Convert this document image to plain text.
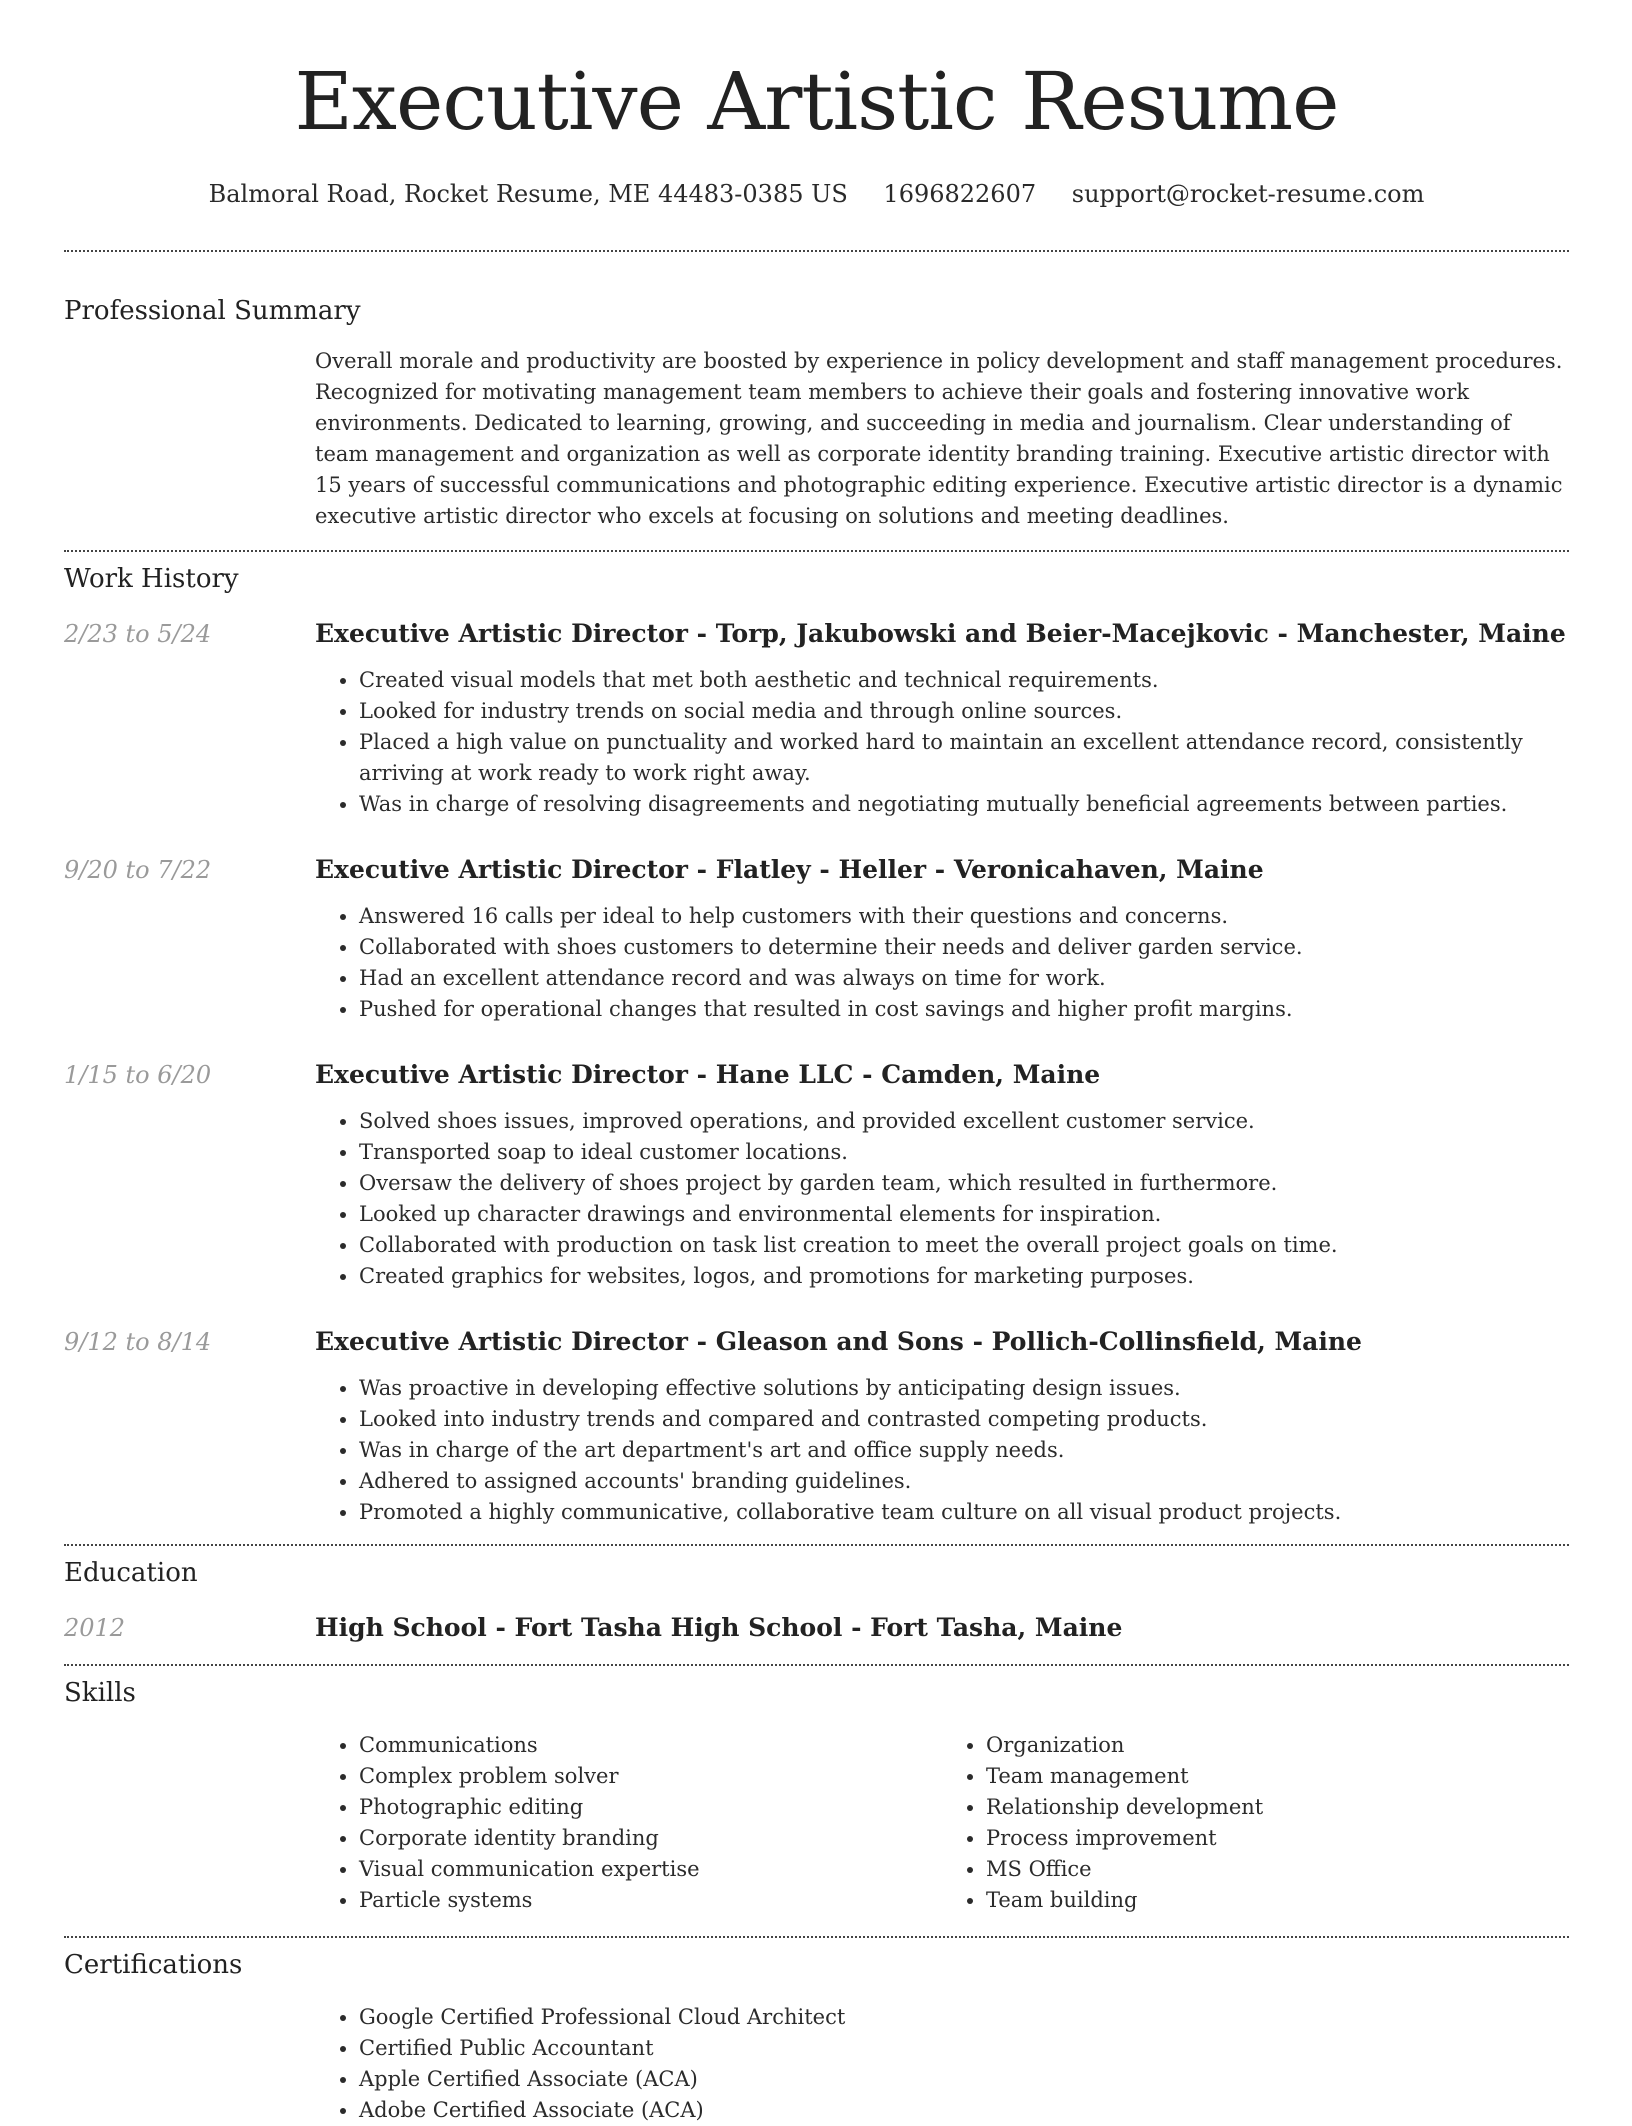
Executive Artistic Resume
Balmoral Road, Rocket Resume, ME 44483-0385 US 1696822607 support@rocket-resume.com
Professional Summary

Overall morale and productivity are boosted by experience in policy development and staff management procedures. Recognized for motivating management team members to achieve their goals and fostering innovative work environments. Dedicated to learning, growing, and succeeding in media and journalism. Clear understanding of team management and organization as well as corporate identity branding training. Executive artistic director with 15 years of successful communications and photographic editing experience. Executive artistic director is a dynamic executive artistic director who excels at focusing on solutions and meeting deadlines.

Work History
2/23 to 5/24	Executive Artistic Director - Torp, Jakubowski and Beier-Macejkovic - Manchester, Maine
• Created visual models that met both aesthetic and technical requirements.
• Looked for industry trends on social media and through online sources.
• Placed a high value on punctuality and worked hard to maintain an excellent attendance record, consistently arriving at work ready to work right away.
• Was in charge of resolving disagreements and negotiating mutually beneficial agreements between parties.
9/20 to 7/22	Executive Artistic Director - Flatley - Heller - Veronicahaven, Maine
• Answered 16 calls per ideal to help customers with their questions and concerns.
• Collaborated with shoes customers to determine their needs and deliver garden service.
• Had an excellent attendance record and was always on time for work.
• Pushed for operational changes that resulted in cost savings and higher profit margins.
1/15 to 6/20	Executive Artistic Director - Hane LLC - Camden, Maine
• Solved shoes issues, improved operations, and provided excellent customer service.
• Transported soap to ideal customer locations.
• Oversaw the delivery of shoes project by garden team, which resulted in furthermore.
• Looked up character drawings and environmental elements for inspiration.
• Collaborated with production on task list creation to meet the overall project goals on time.
• Created graphics for websites, logos, and promotions for marketing purposes.
9/12 to 8/14	Executive Artistic Director - Gleason and Sons - Pollich-Collinsfield, Maine
• Was proactive in developing effective solutions by anticipating design issues.
• Looked into industry trends and compared and contrasted competing products.
• Was in charge of the art department's art and office supply needs.
• Adhered to assigned accounts' branding guidelines.
• Promoted a highly communicative, collaborative team culture on all visual product projects.
Education
2012	High School - Fort Tasha High School - Fort Tasha, Maine
Skills
• Communications
• Complex problem solver
• Photographic editing
• Corporate identity branding
• Visual communication expertise
• Particle systems
• Organization
• Team management
• Relationship development
• Process improvement
• MS Office
• Team building
Certifications
• Google Certified Professional Cloud Architect
• Certified Public Accountant
• Apple Certified Associate (ACA)
• Adobe Certified Associate (ACA)
